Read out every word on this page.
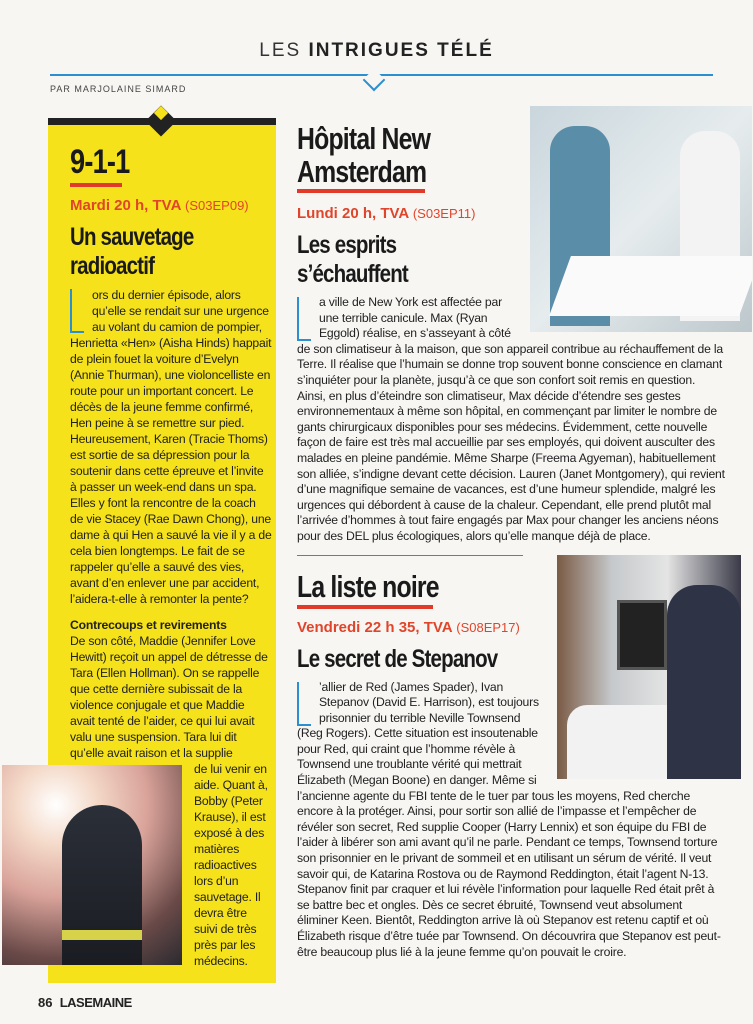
LES INTRIGUES TÉLÉ
PAR MARJOLAINE SIMARD
9-1-1
Mardi 20 h, TVA (S03EP09)
Un sauvetage radioactif
ors du dernier épisode, alors qu’elle se rendait sur une urgence au volant du camion de pompier, Henrietta «Hen» (Aisha Hinds) happait de plein fouet la voiture d’Evelyn (Annie Thurman), une violoncelliste en route pour un important concert. Le décès de la jeune femme confirmé, Hen peine à se remettre sur pied. Heureusement, Karen (Tracie Thoms) est sortie de sa dépression pour la soutenir dans cette épreuve et l’invite à passer un week-end dans un spa. Elles y font la rencontre de la coach de vie Stacey (Rae Dawn Chong), une dame à qui Hen a sauvé la vie il y a de cela bien longtemps. Le fait de se rappeler qu’elle a sauvé des vies, avant d’en enlever une par accident, l’aidera-t-elle à remonter la pente?
Contrecoups et revirements
De son côté, Maddie (Jennifer Love Hewitt) reçoit un appel de détresse de Tara (Ellen Hollman). On se rappelle que cette dernière subissait de la violence conjugale et que Maddie avait tenté de l’aider, ce qui lui avait valu une suspension. Tara lui dit qu’elle avait raison et la supplie
de lui venir en aide. Quant à, Bobby (Peter Krause), il est exposé à des matières radioactives lors d’un sauvetage. Il devra être suivi de très près par les médecins.
Hôpital New Amsterdam
Lundi 20 h, TVA (S03EP11)
Les esprits s’échauffent
a ville de New York est affectée par une terrible canicule. Max (Ryan Eggold) réalise, en s’asseyant à côté de son climatiseur à la maison, que son appareil contribue au réchauffement de la Terre. Il réalise que l’humain se donne trop souvent bonne conscience en clamant s’inquiéter pour la planète, jusqu’à ce que son confort soit remis en question. Ainsi, en plus d’éteindre son climatiseur, Max décide d’étendre ses gestes environnementaux à même son hôpital, en commençant par limiter le nombre de gants chirurgicaux disponibles pour ses médecins. Évidemment, cette nouvelle façon de faire est très mal accueillie par ses employés, qui doivent ausculter des malades en pleine pandémie. Même Sharpe (Freema Agyeman), habituellement son alliée, s’indigne devant cette décision. Lauren (Janet Montgomery), qui revient d’une magnifique semaine de vacances, est d’une humeur splendide, malgré les urgences qui débordent à cause de la chaleur. Cependant, elle prend plutôt mal l’arrivée d’hommes à tout faire engagés par Max pour changer les anciens néons pour des DEL plus écologiques, alors qu’elle manque déjà de place.
La liste noire
Vendredi 22 h 35, TVA (S08EP17)
Le secret de Stepanov
’allier de Red (James Spader), Ivan Stepanov (David E. Harrison), est toujours prisonnier du terrible Neville Townsend (Reg Rogers). Cette situation est insoutenable pour Red, qui craint que l’homme révèle à Townsend une troublante vérité qui mettrait Élizabeth (Megan Boone) en danger. Même si l’ancienne agente du FBI tente de le tuer par tous les moyens, Red cherche encore à la protéger. Ainsi, pour sortir son allié de l’impasse et l’empêcher de révéler son secret, Red supplie Cooper (Harry Lennix) et son équipe du FBI de l’aider à libérer son ami avant qu’il ne parle. Pendant ce temps, Townsend torture son prisonnier en le privant de sommeil et en utilisant un sérum de vérité. Il veut savoir qui, de Katarina Rostova ou de Raymond Reddington, était l’agent N-13. Stepanov finit par craquer et lui révèle l’information pour laquelle Red était prêt à se battre bec et ongles. Dès ce secret ébruité, Townsend veut absolument éliminer Keen. Bientôt, Reddington arrive là où Stepanov est retenu captif et où Élizabeth risque d’être tuée par Townsend. On découvrira que Stepanov est peut-être beaucoup plus lié à la jeune femme qu’on pouvait le croire.
86 LASEMAINE
